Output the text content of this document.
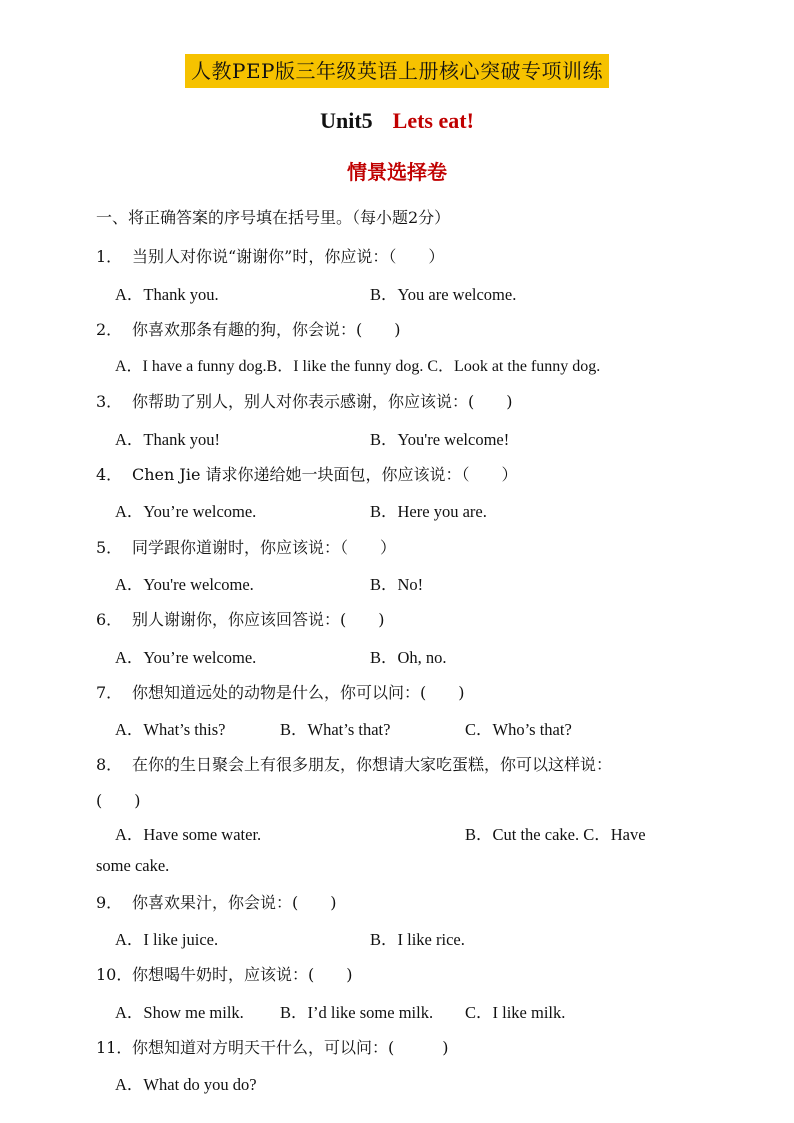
人教PEP版三年级英语上册核心突破专项训练
Unit5 Lets eat!
情景选择卷
一、将正确答案的序号填在括号里。（每小题2分）
1． 当别人对你说“谢谢你”时，你应说：（　　）
A．Thank you.	B．You are welcome.
2． 你喜欢那条有趣的狗，你会说：(　　)
A．I have a funny dog.B．I like the funny dog. C．Look at the funny dog.
3． 你帮助了别人，别人对你表示感谢，你应该说：(　　)
A．Thank you!	B．You're welcome!
4． Chen Jie 请求你递给她一块面包，你应该说：（　　）
A．You’re welcome.	B．Here you are.
5． 同学跟你道谢时，你应该说：（　　）
A．You're welcome.	B．No!
6． 别人谢谢你，你应该回答说：(　　)
A．You’re welcome.	B．Oh, no.
7． 你想知道远处的动物是什么，你可以问：(　　)
A．What’s this?	B．What’s that?	C．Who’s that?
8． 在你的生日聚会上有很多朋友，你想请大家吃蛋糕，你可以这样说：
(　　)
A．Have some water.	B．Cut the cake. C．Have
some cake.
9． 你喜欢果汁，你会说：(　　)
A．I like juice.	B．I like rice.
10．你想喝牛奶时，应该说：(　　)
A．Show me milk. B．I’d like some milk. C．I like milk.
11．你想知道对方明天干什么，可以问：(　　　)
A．What do you do?
